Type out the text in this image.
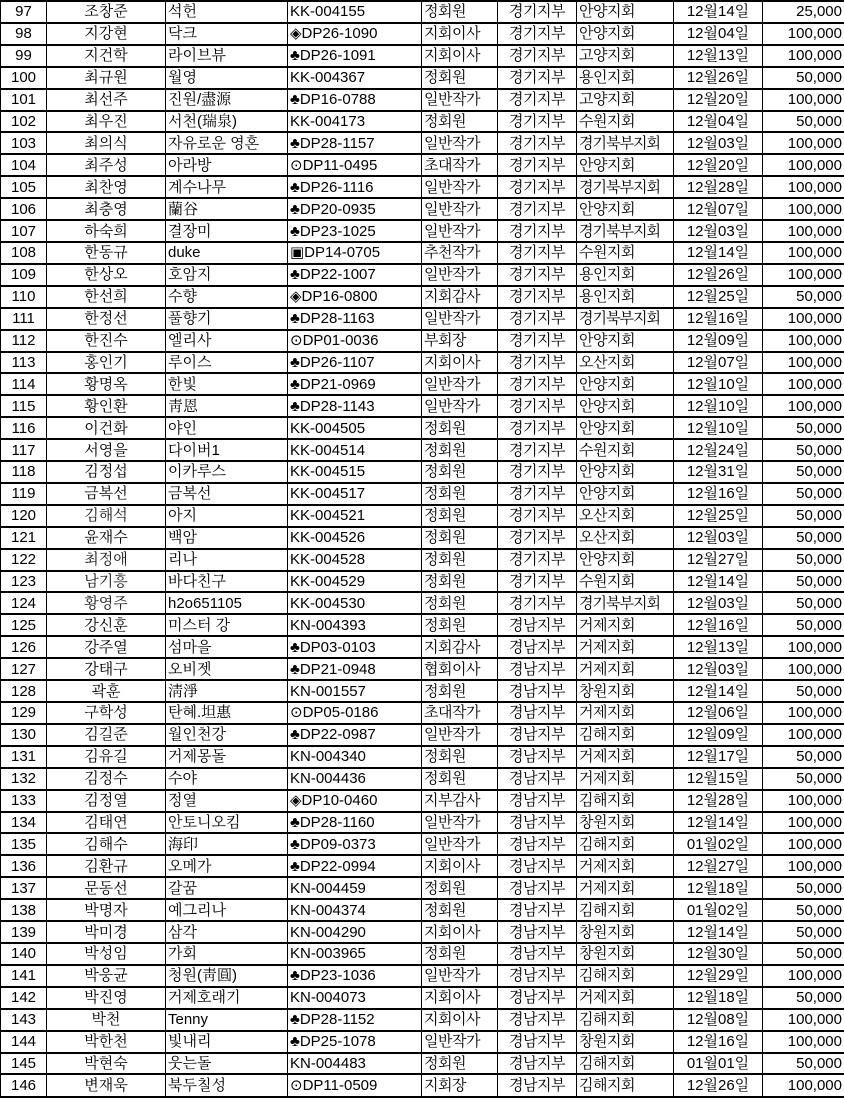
97	조창준	석헌	KK-004155	정회원	경기지부	안양지회	12월14일	25,000
98	지강현	닥크	◈DP26-1090	지회이사	경기지부	안양지회	12월04일	100,000
99	지건학	라이브뷰	♣DP26-1091	지회이사	경기지부	고양지회	12월13일	100,000
100	최규원	월영	KK-004367	정회원	경기지부	용인지회	12월26일	50,000
101	최선주	진원/盡源	♣DP16-0788	일반작가	경기지부	고양지회	12월20일	100,000
102	최우진	서천(瑞泉)	KK-004173	정회원	경기지부	수원지회	12월04일	50,000
103	최의식	자유로운 영혼	♣DP28-1157	일반작가	경기지부	경기북부지회	12월03일	100,000
104	최주성	아라방	⊙DP11-0495	초대작가	경기지부	안양지회	12월20일	100,000
105	최찬영	계수나무	♣DP26-1116	일반작가	경기지부	경기북부지회	12월28일	100,000
106	최충영	蘭谷	♣DP20-0935	일반작가	경기지부	안양지회	12월07일	100,000
107	하숙희	결장미	♣DP23-1025	일반작가	경기지부	경기북부지회	12월03일	100,000
108	한동규	duke	▣DP14-0705	추천작가	경기지부	수원지회	12월14일	100,000
109	한상오	호암지	♣DP22-1007	일반작가	경기지부	용인지회	12월26일	100,000
110	한선희	수향	◈DP16-0800	지회감사	경기지부	용인지회	12월25일	50,000
111	한정선	풀향기	♣DP28-1163	일반작가	경기지부	경기북부지회	12월16일	100,000
112	한진수	엘리사	⊙DP01-0036	부회장	경기지부	안양지회	12월09일	100,000
113	홍인기	루이스	♣DP26-1107	지회이사	경기지부	오산지회	12월07일	100,000
114	황명옥	한빛	♣DP21-0969	일반작가	경기지부	안양지회	12월10일	100,000
115	황인환	靑恩	♣DP28-1143	일반작가	경기지부	안양지회	12월10일	100,000
116	이건화	야인	KK-004505	정회원	경기지부	안양지회	12월10일	50,000
117	서영을	다이버1	KK-004514	정회원	경기지부	수원지회	12월24일	50,000
118	김정섭	이카루스	KK-004515	정회원	경기지부	안양지회	12월31일	50,000
119	금복선	금복선	KK-004517	정회원	경기지부	안양지회	12월16일	50,000
120	김해석	아지	KK-004521	정회원	경기지부	오산지회	12월25일	50,000
121	윤재수	백암	KK-004526	정회원	경기지부	오산지회	12월03일	50,000
122	최정애	리나	KK-004528	정회원	경기지부	안양지회	12월27일	50,000
123	남기흥	바다친구	KK-004529	정회원	경기지부	수원지회	12월14일	50,000
124	황영주	h2o651105	KK-004530	정회원	경기지부	경기북부지회	12월03일	50,000
125	강신훈	미스터 강	KN-004393	정회원	경남지부	거제지회	12월16일	50,000
126	강주열	섬마을	♣DP03-0103	지회감사	경남지부	거제지회	12월13일	100,000
127	강태구	오비젯	♣DP21-0948	협회이사	경남지부	거제지회	12월03일	100,000
128	곽훈	淸淨	KN-001557	정회원	경남지부	창원지회	12월14일	50,000
129	구학성	탄혜.坦惠	⊙DP05-0186	초대작가	경남지부	거제지회	12월06일	100,000
130	김길준	월인천강	♣DP22-0987	일반작가	경남지부	김해지회	12월09일	100,000
131	김유길	거제몽돌	KN-004340	정회원	경남지부	거제지회	12월17일	50,000
132	김정수	수야	KN-004436	정회원	경남지부	거제지회	12월15일	50,000
133	김정열	정열	◈DP10-0460	지부감사	경남지부	김해지회	12월28일	100,000
134	김태연	안토니오킴	♣DP28-1160	일반작가	경남지부	창원지회	12월14일	100,000
135	김해수	海印	♣DP09-0373	일반작가	경남지부	김해지회	01월02일	100,000
136	김환규	오메가	♣DP22-0994	지회이사	경남지부	거제지회	12월27일	100,000
137	문동선	갈꿈	KN-004459	정회원	경남지부	거제지회	12월18일	50,000
138	박명자	예그리나	KN-004374	정회원	경남지부	김해지회	01월02일	50,000
139	박미경	삼각	KN-004290	지회이사	경남지부	창원지회	12월14일	50,000
140	박성임	가회	KN-003965	정회원	경남지부	창원지회	12월30일	50,000
141	박웅균	청원(靑圓)	♣DP23-1036	일반작가	경남지부	김해지회	12월29일	100,000
142	박진영	거제호래기	KN-004073	지회이사	경남지부	거제지회	12월18일	50,000
143	박천	Tenny	♣DP28-1152	지회이사	경남지부	김해지회	12월08일	100,000
144	박한천	빛내리	♣DP25-1078	일반작가	경남지부	창원지회	12월16일	100,000
145	박현숙	웃는돌	KN-004483	정회원	경남지부	김해지회	01월01일	50,000
146	변재욱	북두칠성	⊙DP11-0509	지회장	경남지부	김해지회	12월26일	100,000
